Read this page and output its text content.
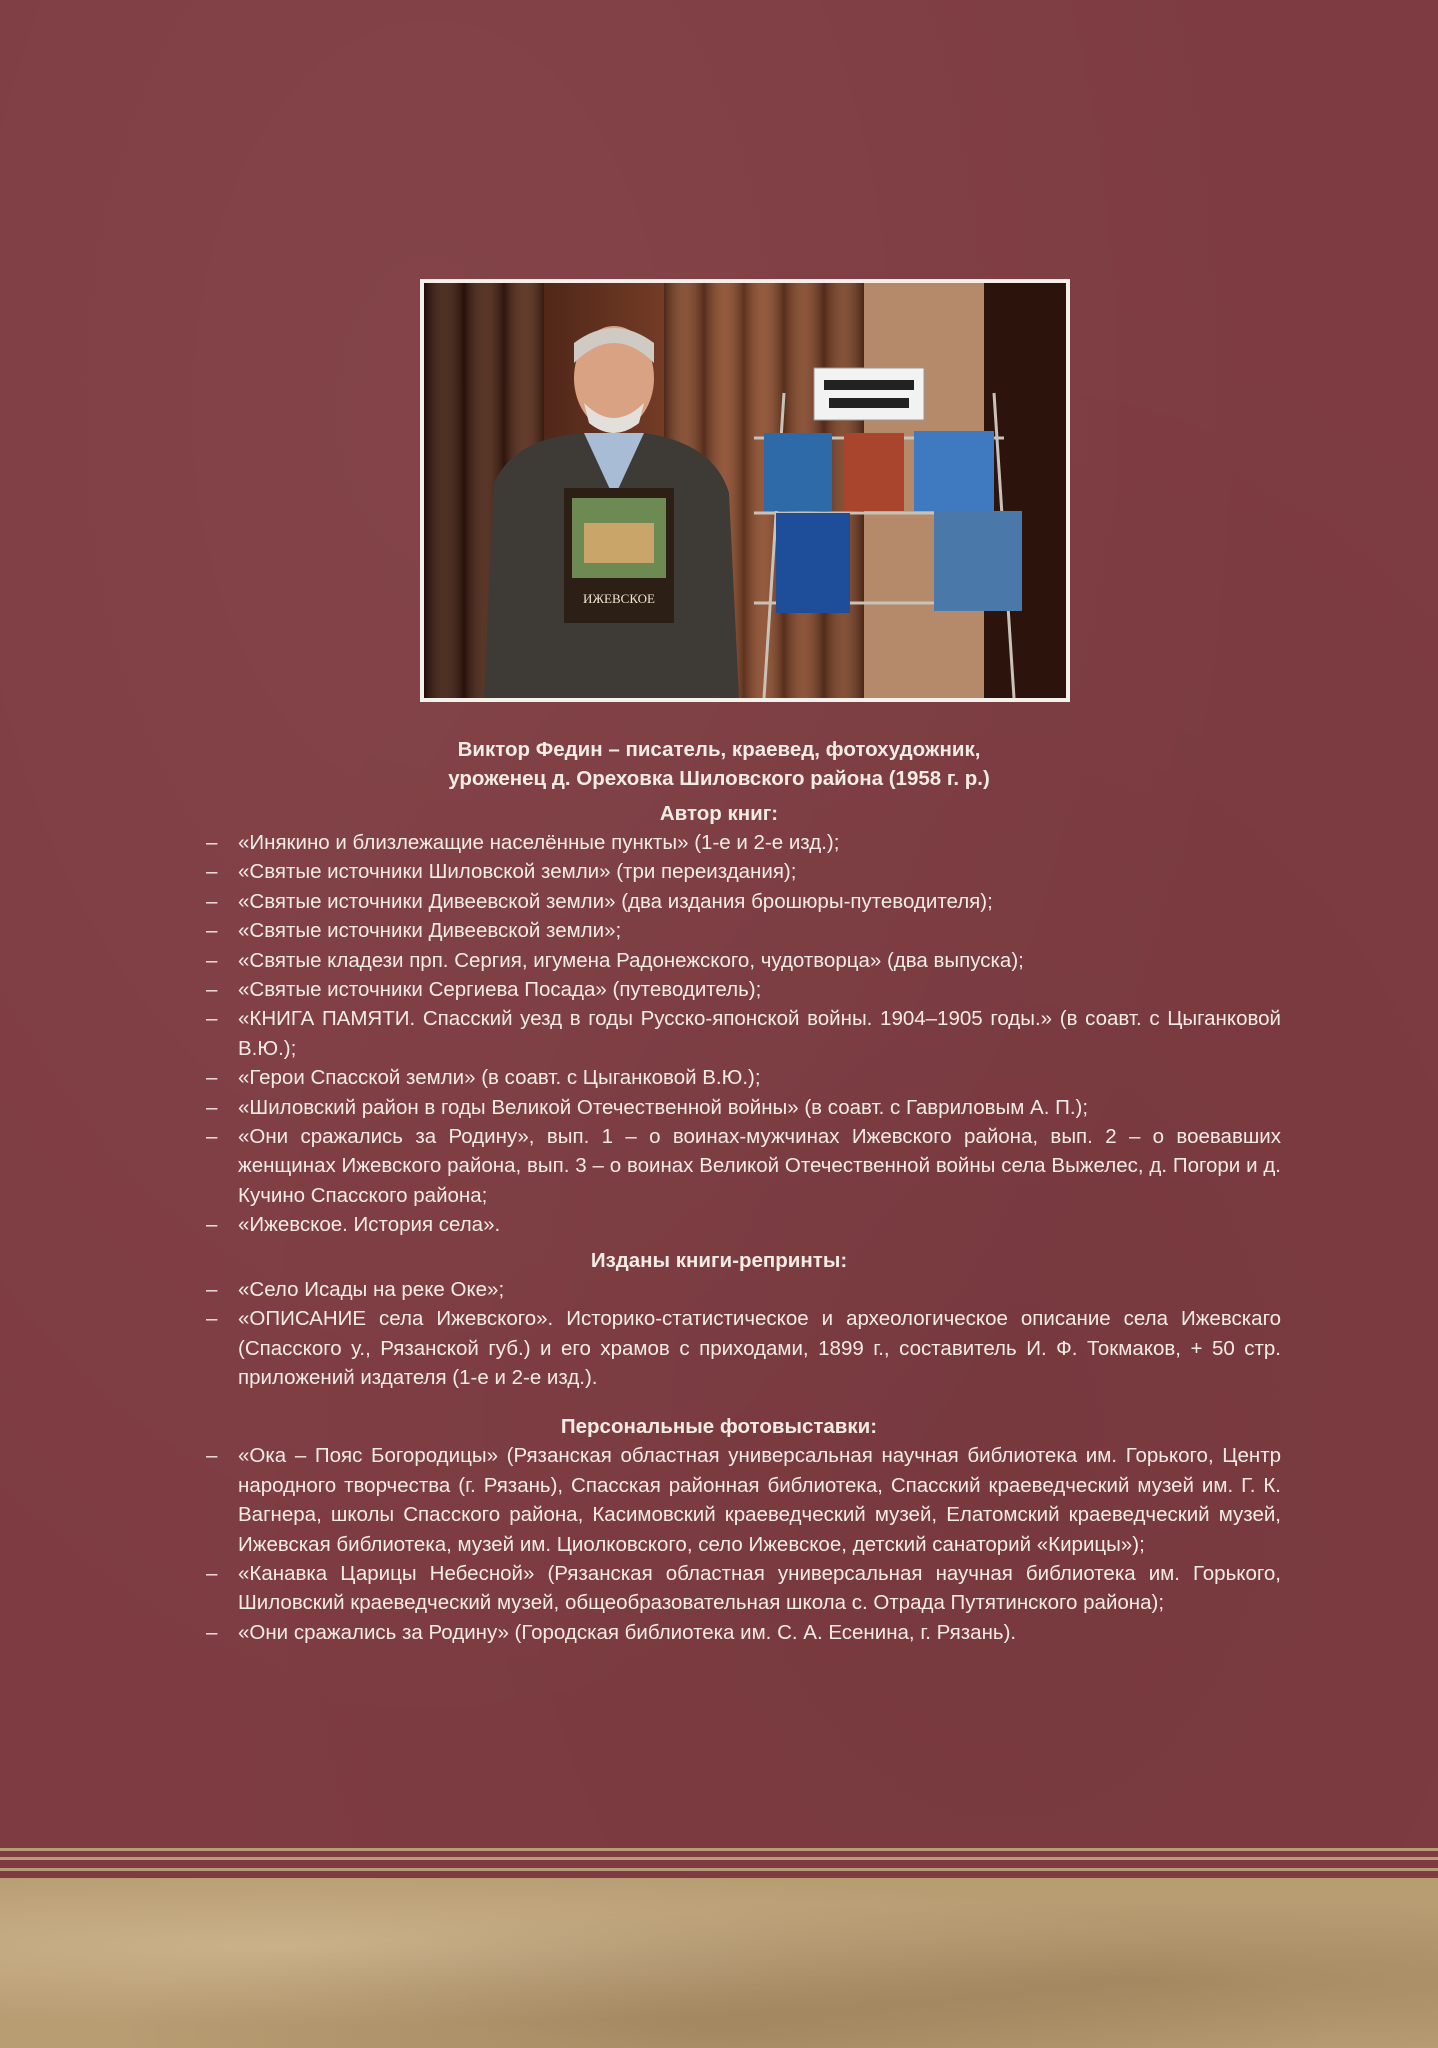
ИЖЕВСКОЕ

Виктор Федин – писатель, краевед, фотохудожник,

уроженец д. Ореховка Шиловского района (1958 г. р.)

Автор книг:

– «Инякино и близлежащие населённые пункты» (1-е и 2-е изд.);
– «Святые источники Шиловской земли» (три переиздания);
– «Святые источники Дивеевской земли» (два издания брошюры-путеводителя);
– «Святые источники Дивеевской земли»;
– «Святые кладези прп. Сергия, игумена Радонежского, чудотворца» (два выпуска);
– «Святые источники Сергиева Посада» (путеводитель);
– «КНИГА ПАМЯТИ. Спасский уезд в годы Русско-японской войны. 1904–1905 годы.» (в соавт. с Цыганковой В.Ю.);
– «Герои Спасской земли» (в соавт. с Цыганковой В.Ю.);
– «Шиловский район в годы Великой Отечественной войны» (в соавт. с Гавриловым А. П.);
– «Они сражались за Родину», вып. 1 – о воинах-мужчинах Ижевского района, вып. 2 – о воевавших женщинах Ижевского района, вып. 3 – о воинах Великой Отечественной войны села Выжелес, д. Погори и д. Кучино Спасского района;
– «Ижевское. История села».

Изданы книги-репринты:

– «Село Исады на реке Оке»;
– «ОПИСАНИЕ села Ижевского». Историко-статистическое и археологическое описание села Ижевскаго (Спасского у., Рязанской губ.) и его храмов с приходами, 1899 г., составитель И. Ф. Токмаков, + 50 стр. приложений издателя (1-е и 2-е изд.).

Персональные фотовыставки:

– «Ока – Пояс Богородицы» (Рязанская областная универсальная научная библиотека им. Горького, Центр народного творчества (г. Рязань), Спасская районная библиотека, Спасский краеведческий музей им. Г. К. Вагнера, школы Спасского района, Касимовский краеведческий музей, Елатомский краеведческий музей, Ижевская библиотека, музей им. Циолковского, село Ижевское, детский санаторий «Кирицы»);
– «Канавка Царицы Небесной» (Рязанская областная универсальная научная библиотека им. Горького, Шиловский краеведческий музей, общеобразовательная школа с. Отрада Путятинского района);
– «Они сражались за Родину» (Городская библиотека им. С. А. Есенина, г. Рязань).
